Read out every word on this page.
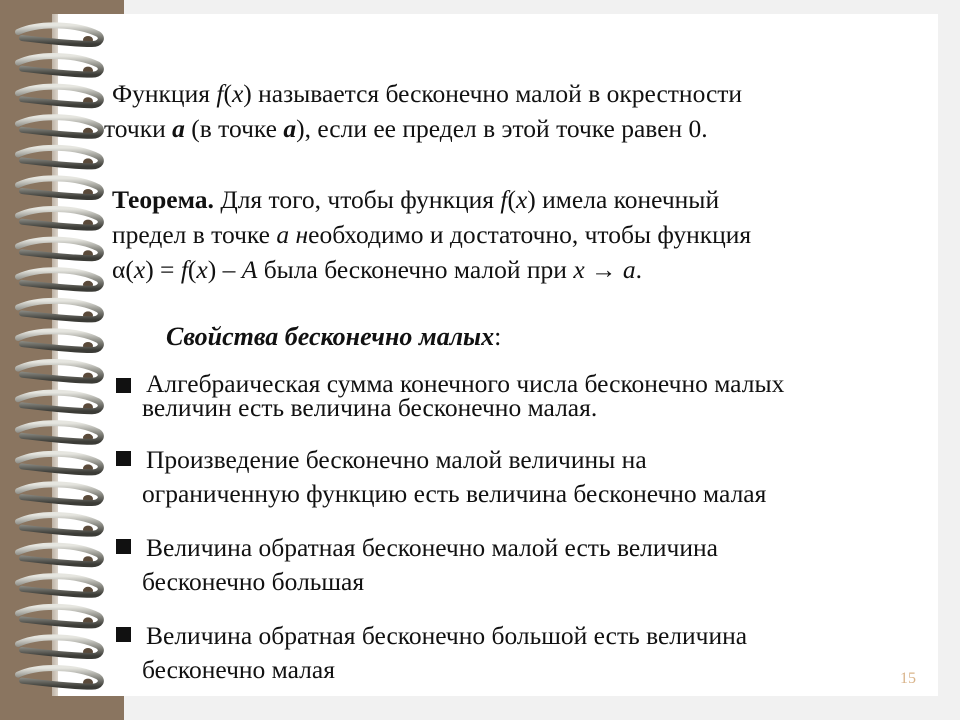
Функция f(x) называется бесконечно малой в окрестности
точки a (в точке a), если ее предел в этой точке равен 0.
Теорема. Для того, чтобы функция f(x) имела конечный
предел в точке a необходимо и достаточно, чтобы функция
α(x) = f(x) – A была бесконечно малой при x → a.
Свойства бесконечно малых:
Алгебраическая сумма конечного числа бесконечно малых
величин есть величина бесконечно малая.
Произведение бесконечно малой величины на
ограниченную функцию есть величина бесконечно малая
Величина обратная бесконечно малой есть величина
бесконечно большая
Величина обратная бесконечно большой есть величина
бесконечно малая	15
